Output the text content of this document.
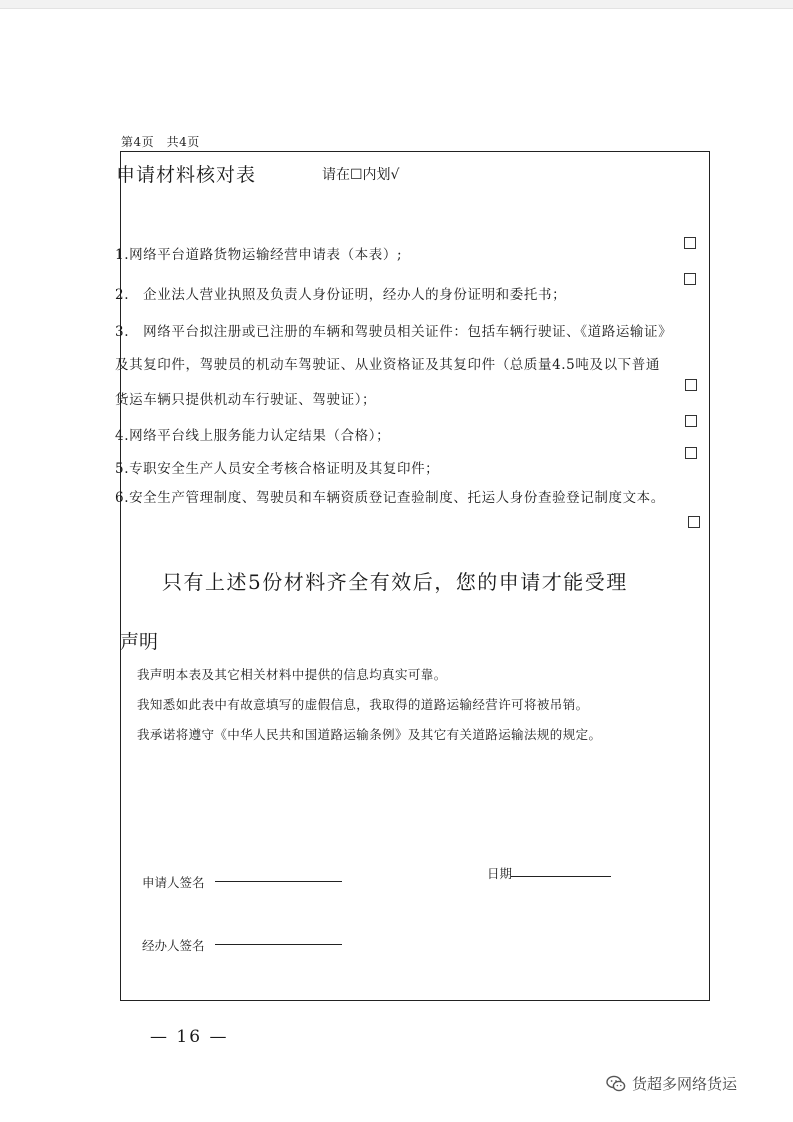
第4页　共4页
申请材料核对表	请在☐内划√
1.网络平台道路货物运输经营申请表（本表）;
2.　企业法人营业执照及负责人身份证明，经办人的身份证明和委托书；
3.　网络平台拟注册或已注册的车辆和驾驶员相关证件：包括车辆行驶证、《道路运输证》
及其复印件，驾驶员的机动车驾驶证、从业资格证及其复印件（总质量4.5吨及以下普通
货运车辆只提供机动车行驶证、驾驶证）；
4.网络平台线上服务能力认定结果（合格）；
5.专职安全生产人员安全考核合格证明及其复印件；
6.安全生产管理制度、驾驶员和车辆资质登记查验制度、托运人身份查验登记制度文本。
只有上述5份材料齐全有效后，您的申请才能受理
声明
我声明本表及其它相关材料中提供的信息均真实可靠。
我知悉如此表中有故意填写的虚假信息，我取得的道路运输经营许可将被吊销。
我承诺将遵守《中华人民共和国道路运输条例》及其它有关道路运输法规的规定。
申请人签名
日期
经办人签名
— 16 —
货超多网络货运
